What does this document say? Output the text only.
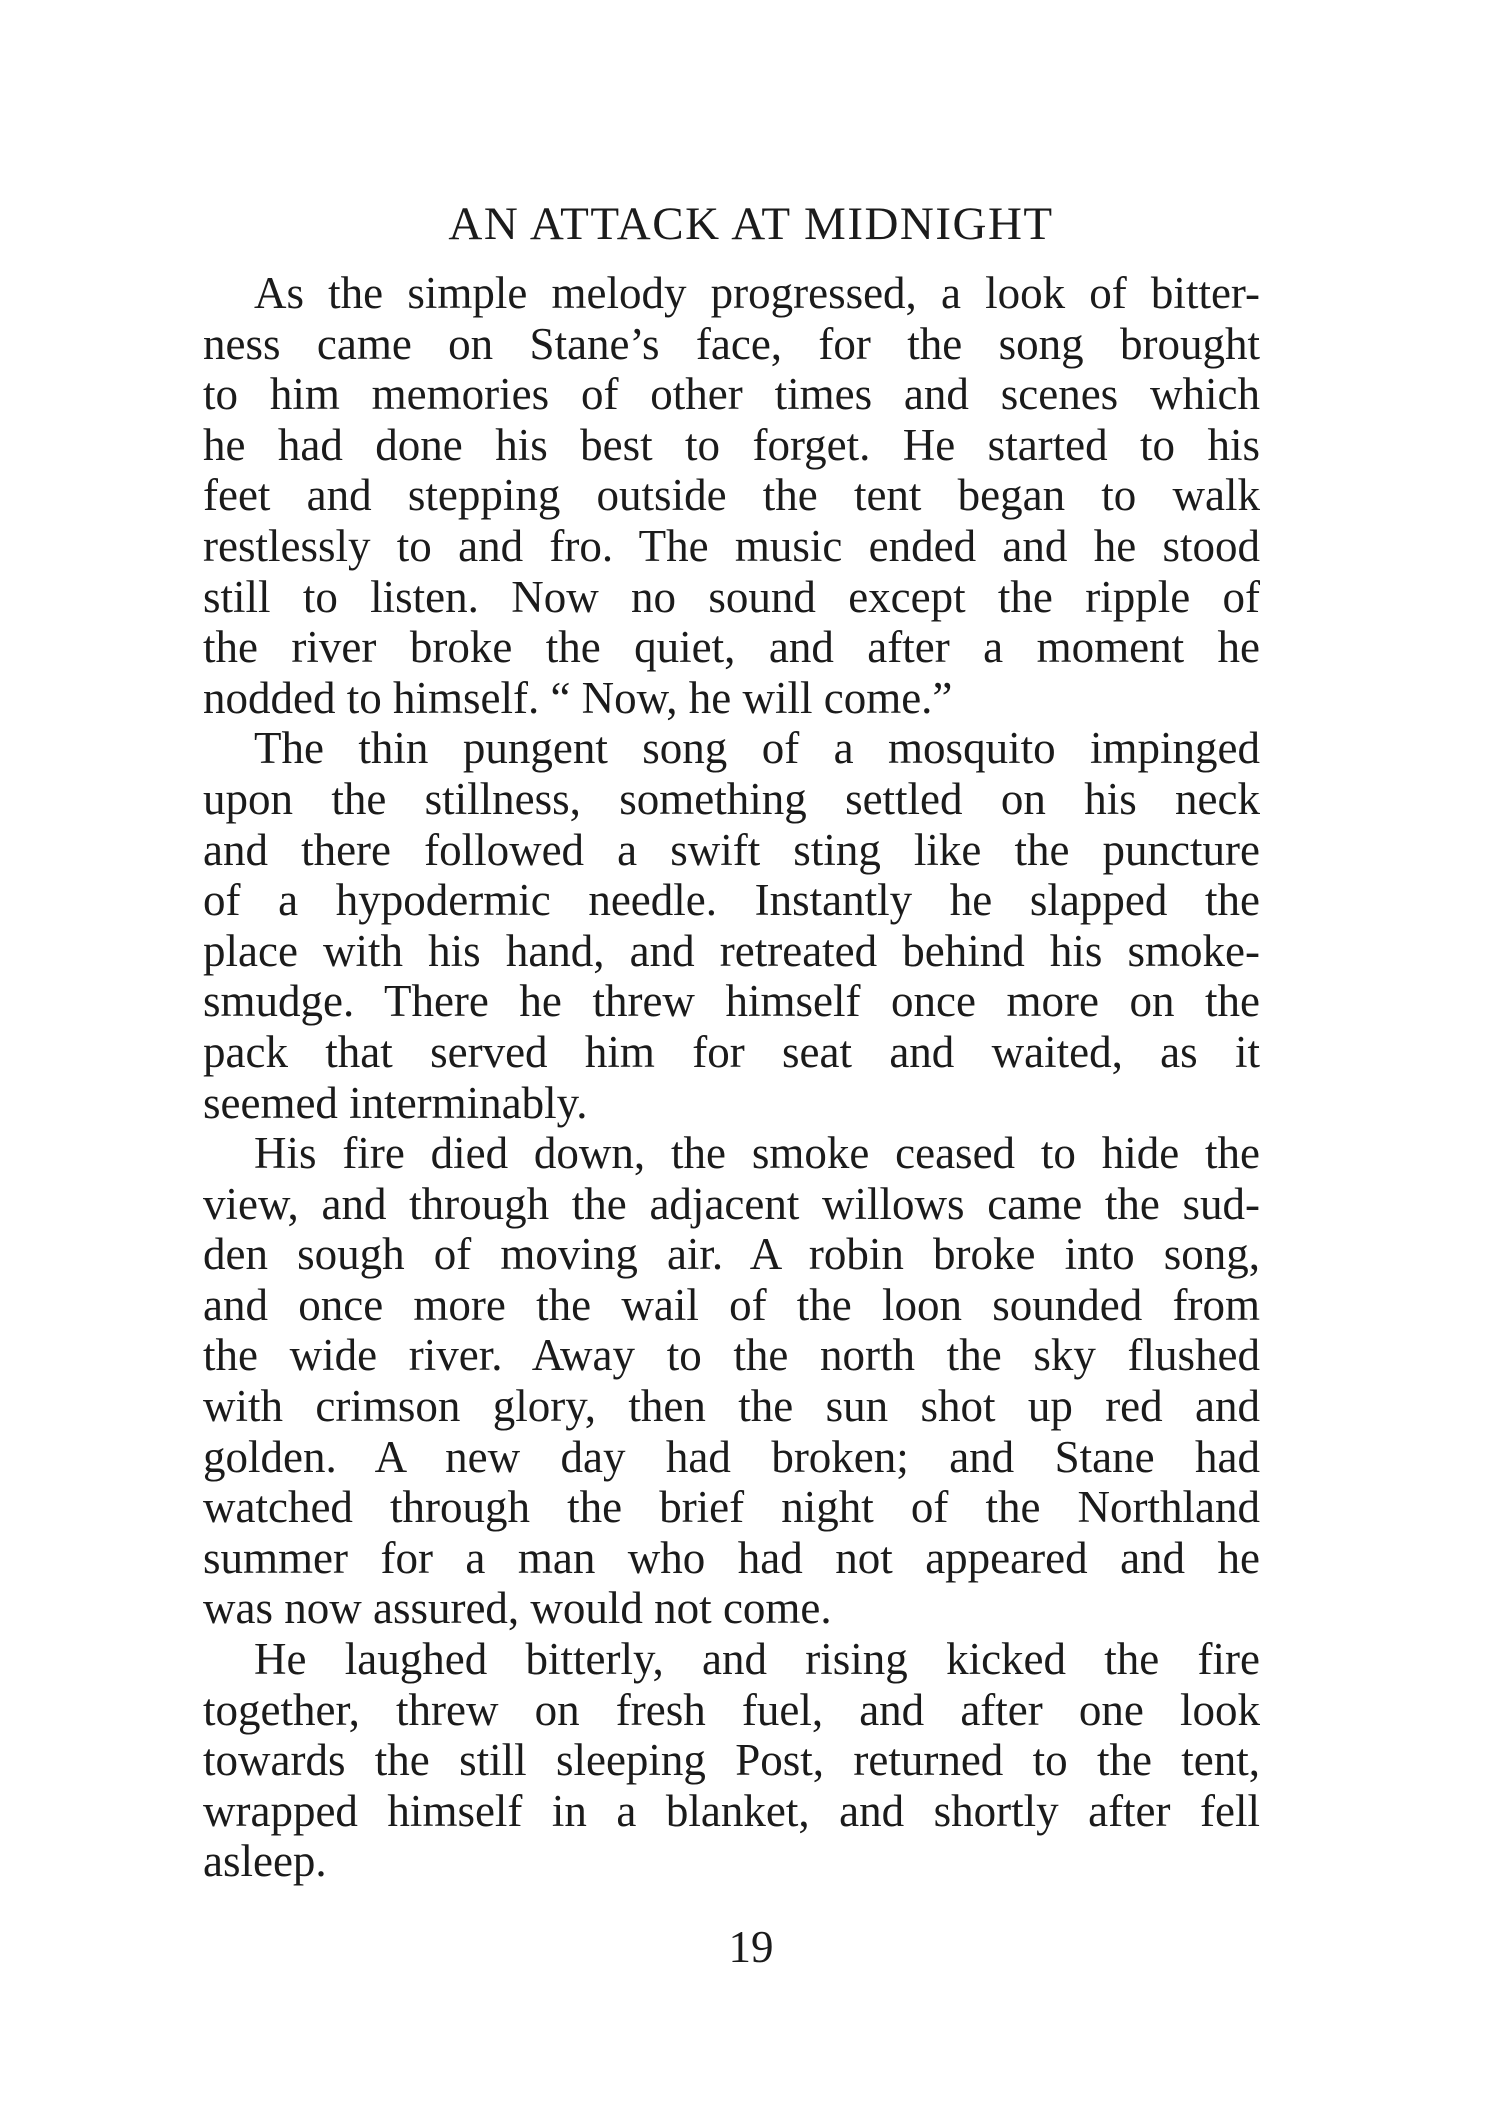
AN ATTACK AT MIDNIGHT
As the simple melody progressed, a look of bitter-
ness came on Stane’s face, for the song brought
to him memories of other times and scenes which
he had done his best to forget. He started to his
feet and stepping outside the tent began to walk
restlessly to and fro. The music ended and he stood
still to listen. Now no sound except the ripple of
the river broke the quiet, and after a moment he
nodded to himself. “ Now, he will come.”
The thin pungent song of a mosquito impinged
upon the stillness, something settled on his neck
and there followed a swift sting like the puncture
of a hypodermic needle. Instantly he slapped the
place with his hand, and retreated behind his smoke-
smudge. There he threw himself once more on the
pack that served him for seat and waited, as it
seemed interminably.
His fire died down, the smoke ceased to hide the
view, and through the adjacent willows came the sud-
den sough of moving air. A robin broke into song,
and once more the wail of the loon sounded from
the wide river. Away to the north the sky flushed
with crimson glory, then the sun shot up red and
golden. A new day had broken; and Stane had
watched through the brief night of the Northland
summer for a man who had not appeared and he
was now assured, would not come.
He laughed bitterly, and rising kicked the fire
together, threw on fresh fuel, and after one look
towards the still sleeping Post, returned to the tent,
wrapped himself in a blanket, and shortly after fell
asleep.
19
